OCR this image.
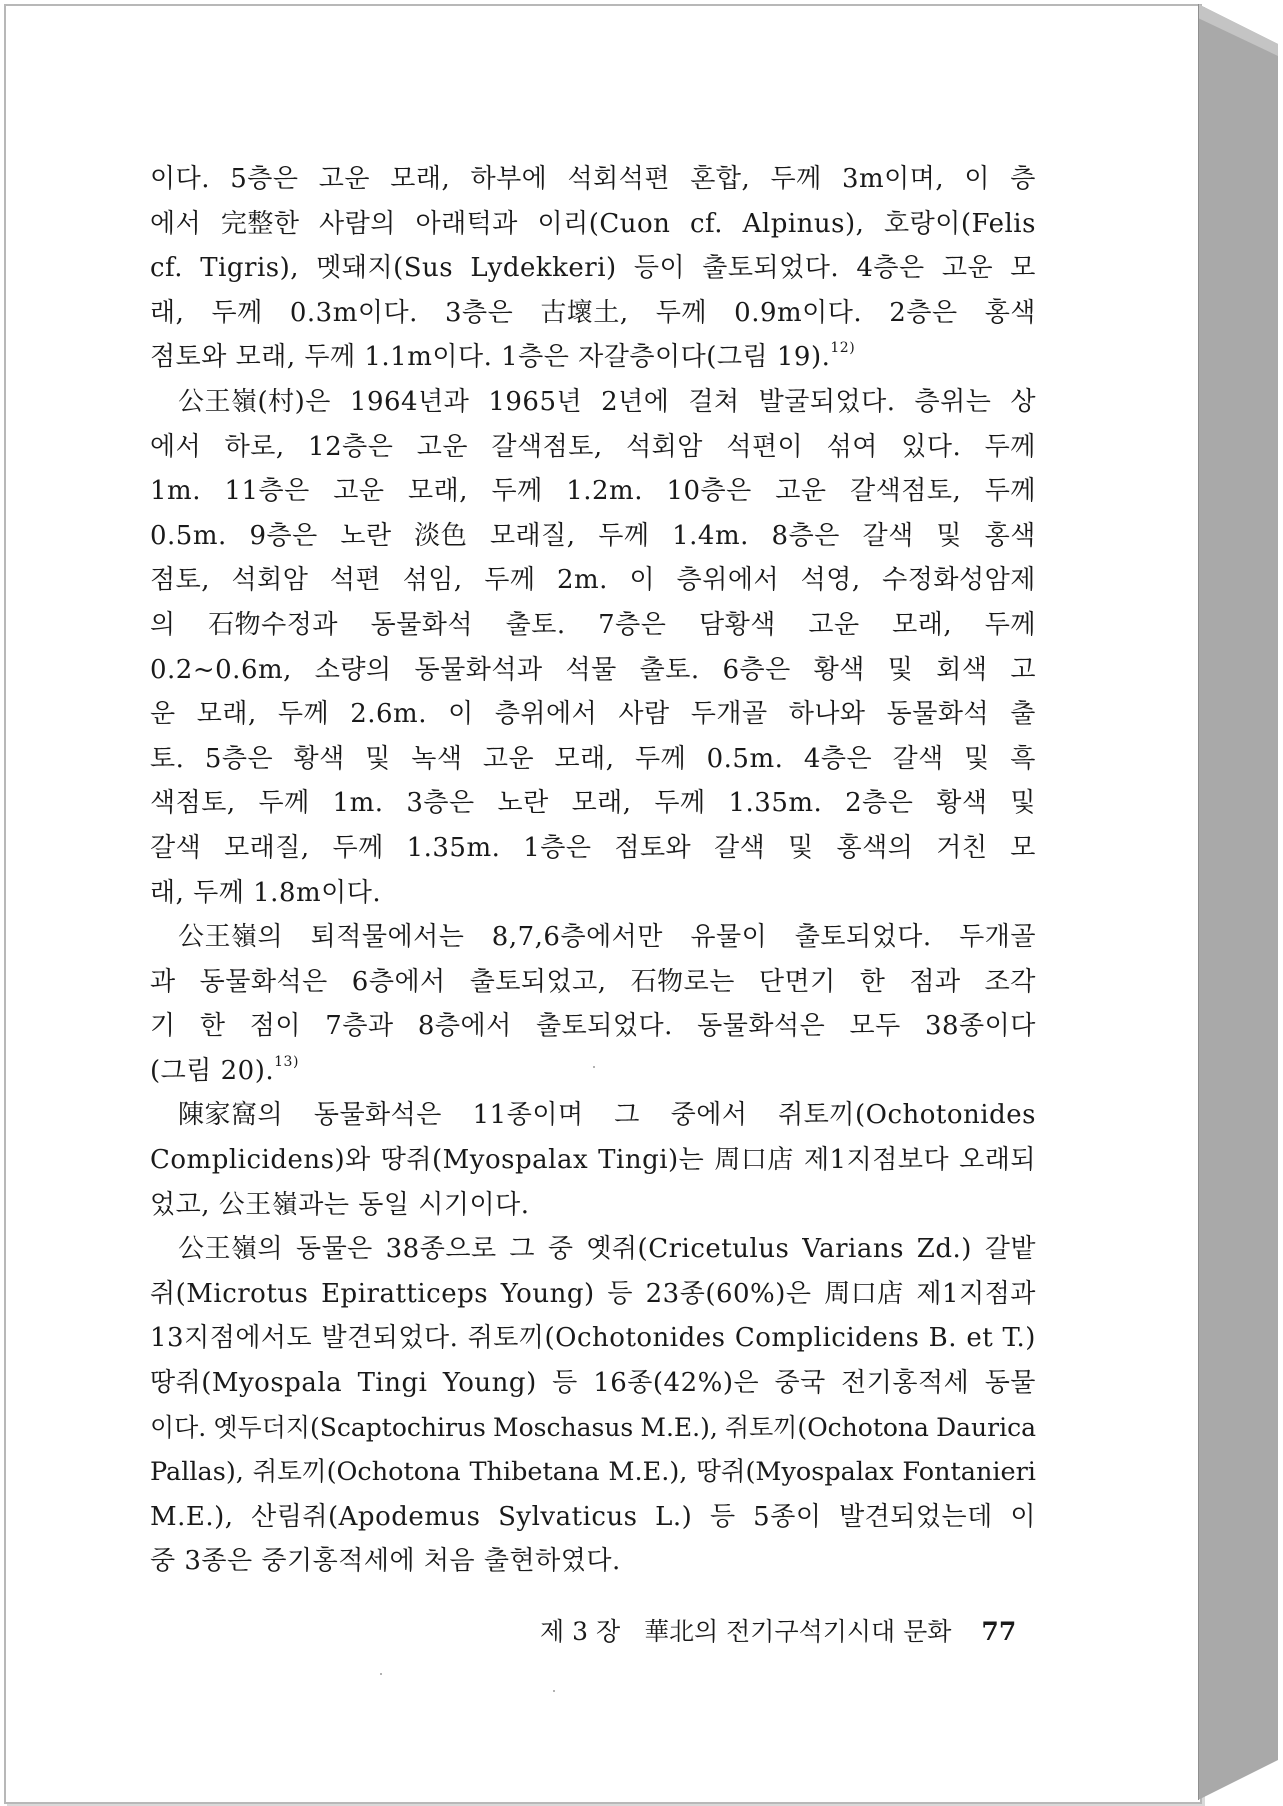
이다. 5층은 고운 모래, 하부에 석회석편 혼합, 두께 3m이며, 이 층
에서 完整한 사람의 아래턱과 이리(Cuon cf. Alpinus), 호랑이(Felis
cf. Tigris), 멧돼지(Sus Lydekkeri) 등이 출토되었다. 4층은 고운 모
래, 두께 0.3m이다. 3층은 古壞土, 두께 0.9m이다. 2층은 홍색
점토와 모래, 두께 1.1m이다. 1층은 자갈층이다(그림 19). 12)
公王嶺(村)은 1964년과 1965년 2년에 걸쳐 발굴되었다. 층위는 상
에서 하로, 12층은 고운 갈색점토, 석회암 석편이 섞여 있다. 두께
1m. 11층은 고운 모래, 두께 1.2m. 10층은 고운 갈색점토, 두께
0.5m. 9층은 노란 淡色 모래질, 두께 1.4m. 8층은 갈색 및 홍색
점토, 석회암 석편 섞임, 두께 2m. 이 층위에서 석영, 수정화성암제
의 石物수정과 동물화석 출토. 7층은 담황색 고운 모래, 두께
0.2~0.6m, 소량의 동물화석과 석물 출토. 6층은 황색 및 회색 고
운 모래, 두께 2.6m. 이 층위에서 사람 두개골 하나와 동물화석 출
토. 5층은 황색 및 녹색 고운 모래, 두께 0.5m. 4층은 갈색 및 흑
색점토, 두께 1m. 3층은 노란 모래, 두께 1.35m. 2층은 황색 및
갈색 모래질, 두께 1.35m. 1층은 점토와 갈색 및 홍색의 거친 모
래, 두께 1.8m이다.
公王嶺의 퇴적물에서는 8,7,6층에서만 유물이 출토되었다. 두개골
과 동물화석은 6층에서 출토되었고, 石物로는 단면기 한 점과 조각
기 한 점이 7층과 8층에서 출토되었다. 동물화석은 모두 38종이다
(그림 20). 13)
陳家窩의 동물화석은 11종이며 그 중에서 쥐토끼(Ochotonides
Complicidens)와 땅쥐(Myospalax Tingi)는 周口店 제1지점보다 오래되
었고, 公王嶺과는 동일 시기이다.
公王嶺의 동물은 38종으로 그 중 옛쥐(Cricetulus Varians Zd.) 갈밭
쥐(Microtus Epiratticeps Young) 등 23종(60%)은 周口店 제1지점과
13지점에서도 발견되었다. 쥐토끼(Ochotonides Complicidens B. et T.)
땅쥐(Myospala Tingi Young) 등 16종(42%)은 중국 전기홍적세 동물
이다. 옛두더지(Scaptochirus Moschasus M.E.), 쥐토끼(Ochotona Daurica
Pallas), 쥐토끼(Ochotona Thibetana M.E.), 땅쥐(Myospalax Fontanieri
M.E.), 산림쥐(Apodemus Sylvaticus L.) 등 5종이 발견되었는데 이
중 3종은 중기홍적세에 처음 출현하였다.
제 3 장 華北의 전기구석기시대 문화 77
